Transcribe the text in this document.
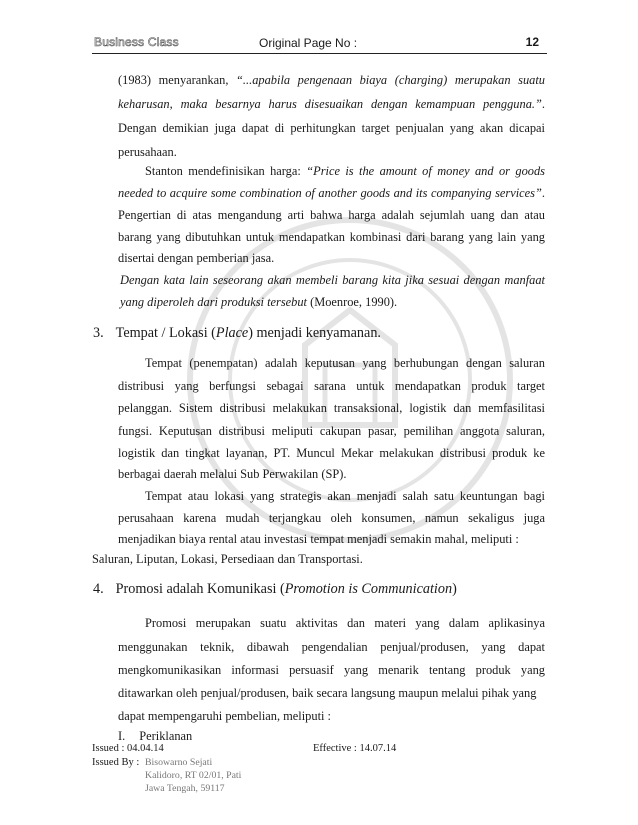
Business Class	Original Page No :	12
(1983) menyarankan, “...apabila pengenaan biaya (charging) merupakan suatu
keharusan, maka besarnya harus disesuaikan dengan kemampuan pengguna.”.
Dengan demikian juga dapat di perhitungkan target penjualan yang akan dicapai
perusahaan.
Stanton mendefinisikan harga: “Price is the amount of money and or goods
needed to acquire some combination of another goods and its companying services”.
Pengertian di atas mengandung arti bahwa harga adalah sejumlah uang dan atau
barang yang dibutuhkan untuk mendapatkan kombinasi dari barang yang lain yang
disertai dengan pemberian jasa.
Dengan kata lain seseorang akan membeli barang kita jika sesuai dengan manfaat
yang diperoleh dari produksi tersebut (Moenroe, 1990).
3. Tempat / Lokasi (Place) menjadi kenyamanan.
Tempat (penempatan) adalah keputusan yang berhubungan dengan saluran
distribusi yang berfungsi sebagai sarana untuk mendapatkan produk target
pelanggan. Sistem distribusi melakukan transaksional, logistik dan memfasilitasi
fungsi. Keputusan distribusi meliputi cakupan pasar, pemilihan anggota saluran,
logistik dan tingkat layanan, PT. Muncul Mekar melakukan distribusi produk ke
berbagai daerah melalui Sub Perwakilan (SP).
Tempat atau lokasi yang strategis akan menjadi salah satu keuntungan bagi
perusahaan karena mudah terjangkau oleh konsumen, namun sekaligus juga
menjadikan biaya rental atau investasi tempat menjadi semakin mahal, meliputi :
Saluran, Liputan, Lokasi, Persediaan dan Transportasi.
4. Promosi adalah Komunikasi (Promotion is Communication)
Promosi merupakan suatu aktivitas dan materi yang dalam aplikasinya
menggunakan teknik, dibawah pengendalian penjual/produsen, yang dapat
mengkomunikasikan informasi persuasif yang menarik tentang produk yang
ditawarkan oleh penjual/produsen, baik secara langsung maupun melalui pihak yang
dapat mempengaruhi pembelian, meliputi :
I. Periklanan
Issued : 04.04.14	Effective : 14.07.14
Issued By : Bisowarno Sejati
Kalidoro, RT 02/01, Pati
Jawa Tengah, 59117
